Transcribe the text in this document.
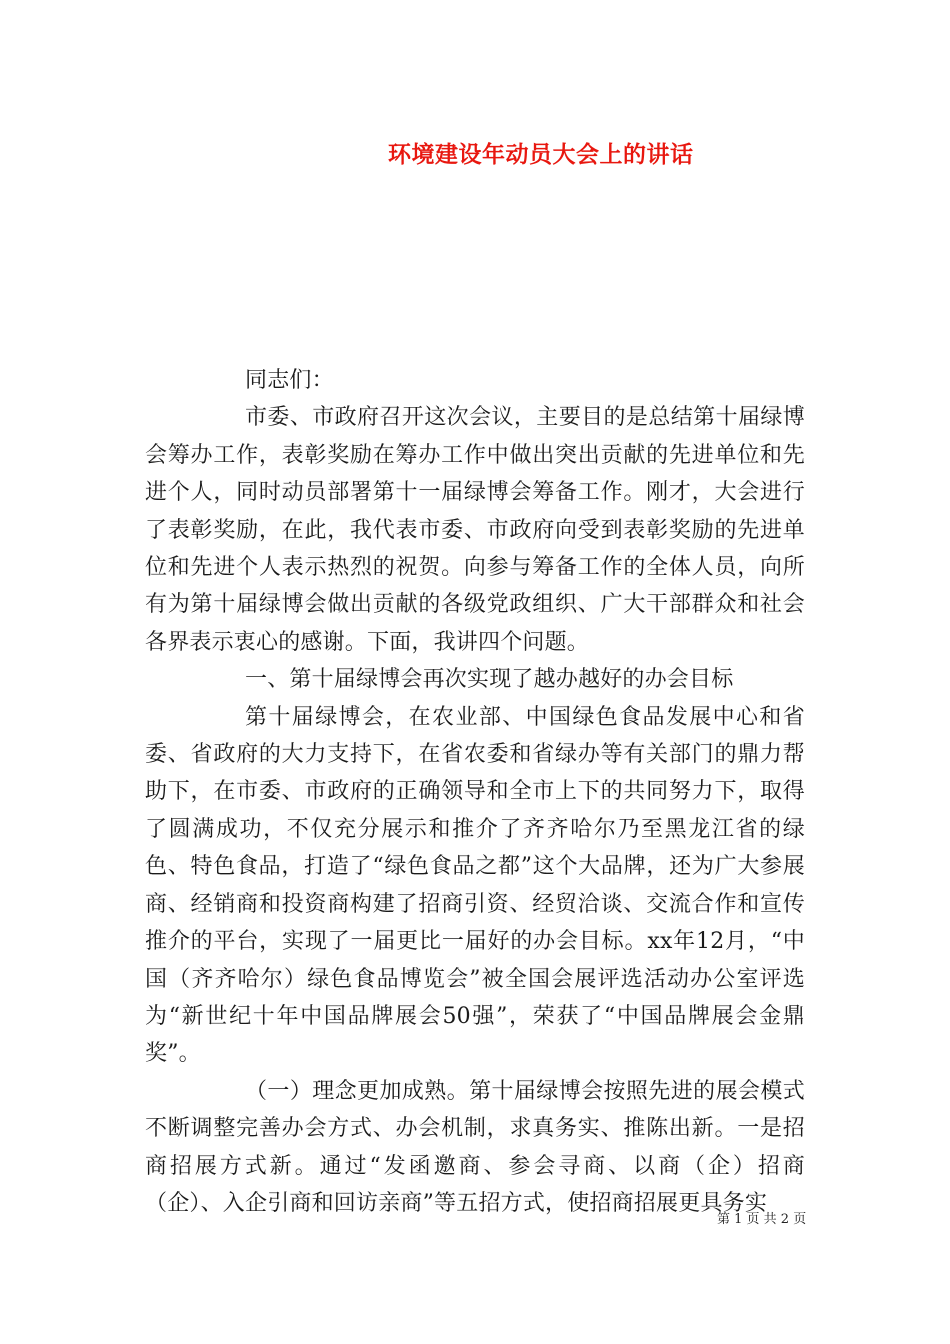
环境建设年动员大会上的讲话

同志们：

市委、市政府召开这次会议，主要目的是总结第十届绿博会筹办工作，表彰奖励在筹办工作中做出突出贡献的先进单位和先进个人，同时动员部署第十一届绿博会筹备工作。刚才，大会进行了表彰奖励，在此，我代表市委、市政府向受到表彰奖励的先进单位和先进个人表示热烈的祝贺。向参与筹备工作的全体人员，向所有为第十届绿博会做出贡献的各级党政组织、广大干部群众和社会各界表示衷心的感谢。下面，我讲四个问题。

一、第十届绿博会再次实现了越办越好的办会目标

第十届绿博会，在农业部、中国绿色食品发展中心和省委、省政府的大力支持下，在省农委和省绿办等有关部门的鼎力帮助下，在市委、市政府的正确领导和全市上下的共同努力下，取得了圆满成功，不仅充分展示和推介了齐齐哈尔乃至黑龙江省的绿色、特色食品，打造了“绿色食品之都”这个大品牌，还为广大参展商、经销商和投资商构建了招商引资、经贸洽谈、交流合作和宣传推介的平台，实现了一届更比一届好的办会目标。xx年12月，“中国（齐齐哈尔）绿色食品博览会”被全国会展评选活动办公室评选为“新世纪十年中国品牌展会50强”，荣获了“中国品牌展会金鼎奖”。

（一）理念更加成熟。第十届绿博会按照先进的展会模式不断调整完善办会方式、办会机制，求真务实、推陈出新。一是招商招展方式新。通过“发函邀商、参会寻商、以商（企）招商（企）、入企引商和回访亲商”等五招方式，使招商招展更具务实

第 1 页 共 2 页
